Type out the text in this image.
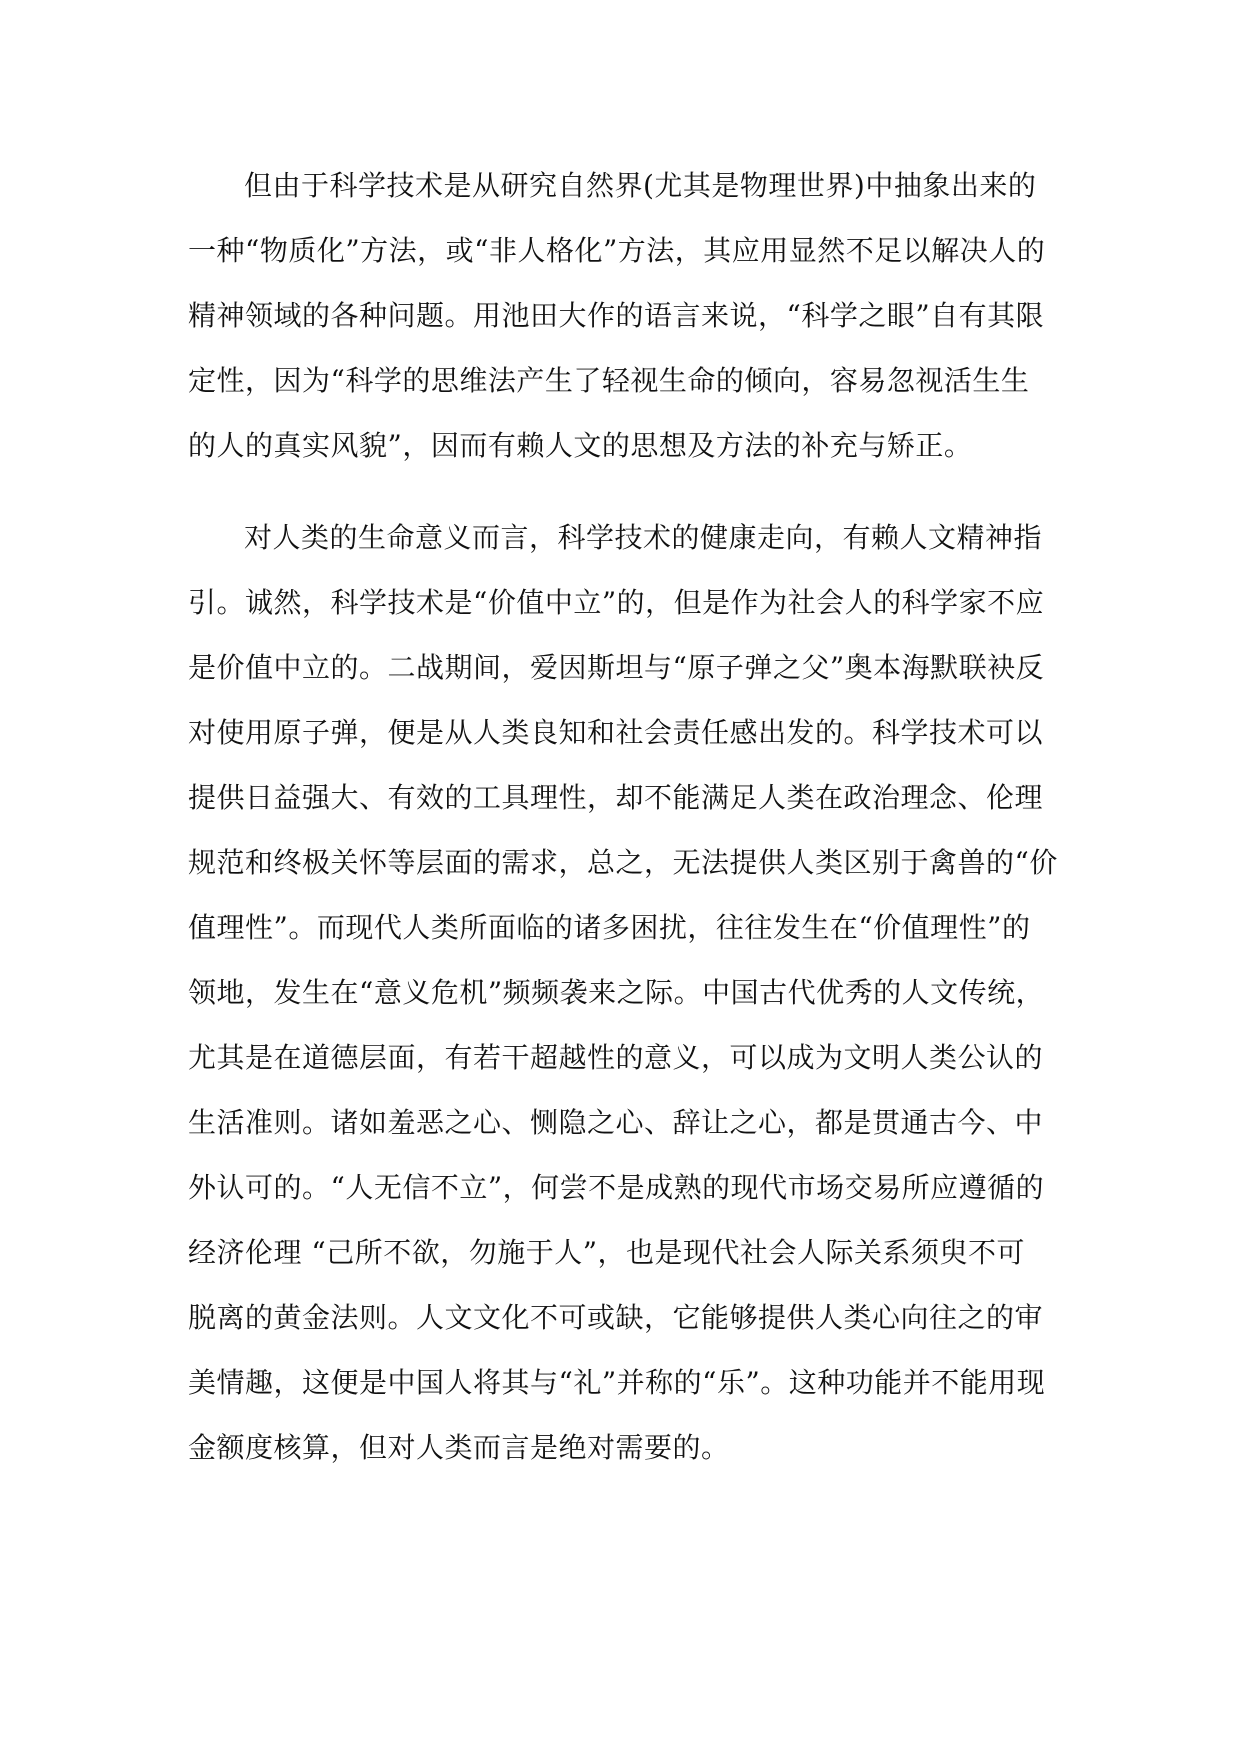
但由于科学技术是从研究自然界(尤其是物理世界)中抽象出来的
一种“物质化”方法，或“非人格化”方法，其应用显然不足以解决人的
精神领域的各种问题。用池田大作的语言来说，“科学之眼”自有其限
定性，因为“科学的思维法产生了轻视生命的倾向，容易忽视活生生
的人的真实风貌”，因而有赖人文的思想及方法的补充与矫正。
对人类的生命意义而言，科学技术的健康走向，有赖人文精神指
引。诚然，科学技术是“价值中立”的，但是作为社会人的科学家不应
是价值中立的。二战期间，爱因斯坦与“原子弹之父”奥本海默联袂反
对使用原子弹，便是从人类良知和社会责任感出发的。科学技术可以
提供日益强大、有效的工具理性，却不能满足人类在政治理念、伦理
规范和终极关怀等层面的需求，总之，无法提供人类区别于禽兽的“价
值理性”。而现代人类所面临的诸多困扰，往往发生在“价值理性”的
领地，发生在“意义危机”频频袭来之际。中国古代优秀的人文传统，
尤其是在道德层面，有若干超越性的意义，可以成为文明人类公认的
生活准则。诸如羞恶之心、恻隐之心、辞让之心，都是贯通古今、中
外认可的。“人无信不立”，何尝不是成熟的现代市场交易所应遵循的
经济伦理 “己所不欲，勿施于人”，也是现代社会人际关系须臾不可
脱离的黄金法则。人文文化不可或缺，它能够提供人类心向往之的审
美情趣，这便是中国人将其与“礼”并称的“乐”。这种功能并不能用现
金额度核算，但对人类而言是绝对需要的。
